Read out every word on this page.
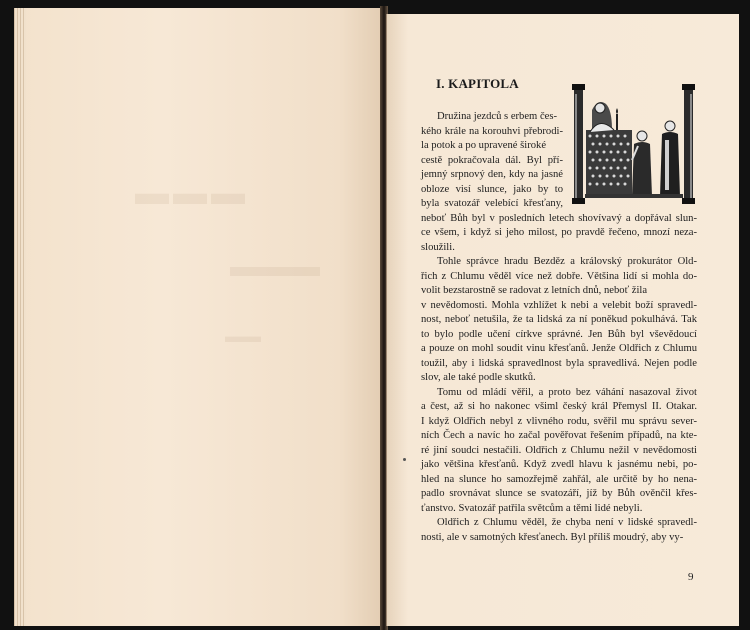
▬▬▬
▬▬▬
▬▬
I. KAPITOLA
Družina jezdců s erbem čes-
kého krále na korouhvi přebrodi-
la potok a po upravené široké
cestě pokračovala dál. Byl pří-
jemný srpnový den, kdy na jasné
obloze visí slunce, jako by to
byla svatozář velebící křesťany,
neboť Bůh byl v posledních letech shovívavý a dopřával slun-
ce všem, i když si jeho milost, po pravdě řečeno, mnozí neza-
sloužili.
Tohle správce hradu Bezděz a královský prokurátor Old-
řich z Chlumu věděl více než dobře. Většina lidí si mohla do-
volit bezstarostně se radovat z letních dnů, neboť žila
v nevědomosti. Mohla vzhlížet k nebi a velebit boží spravedl-
nost, neboť netušila, že ta lidská za ní poněkud pokulhává. Tak
to bylo podle učení církve správné. Jen Bůh byl vševědoucí
a pouze on mohl soudit vinu křesťanů. Jenže Oldřich z Chlumu
toužil, aby i lidská spravedlnost byla spravedlivá. Nejen podle
slov, ale také podle skutků.
Tomu od mládí věřil, a proto bez váhání nasazoval život
a čest, až si ho nakonec všiml český král Přemysl II. Otakar.
I když Oldřich nebyl z vlivného rodu, svěřil mu správu sever-
ních Čech a navíc ho začal pověřovat řešením případů, na kte-
ré jiní soudci nestačili. Oldřich z Chlumu nežil v nevědomosti
jako většina křesťanů. Když zvedl hlavu k jasnému nebi, po-
hled na slunce ho samozřejmě zahřál, ale určitě by ho nena-
padlo srovnávat slunce se svatozáří, jíž by Bůh ověnčil křes-
ťanstvo. Svatozář patřila světcům a těmi lidé nebyli.
Oldřich z Chlumu věděl, že chyba není v lidské spravedl-
nosti, ale v samotných křesťanech. Byl příliš moudrý, aby vy-
9
